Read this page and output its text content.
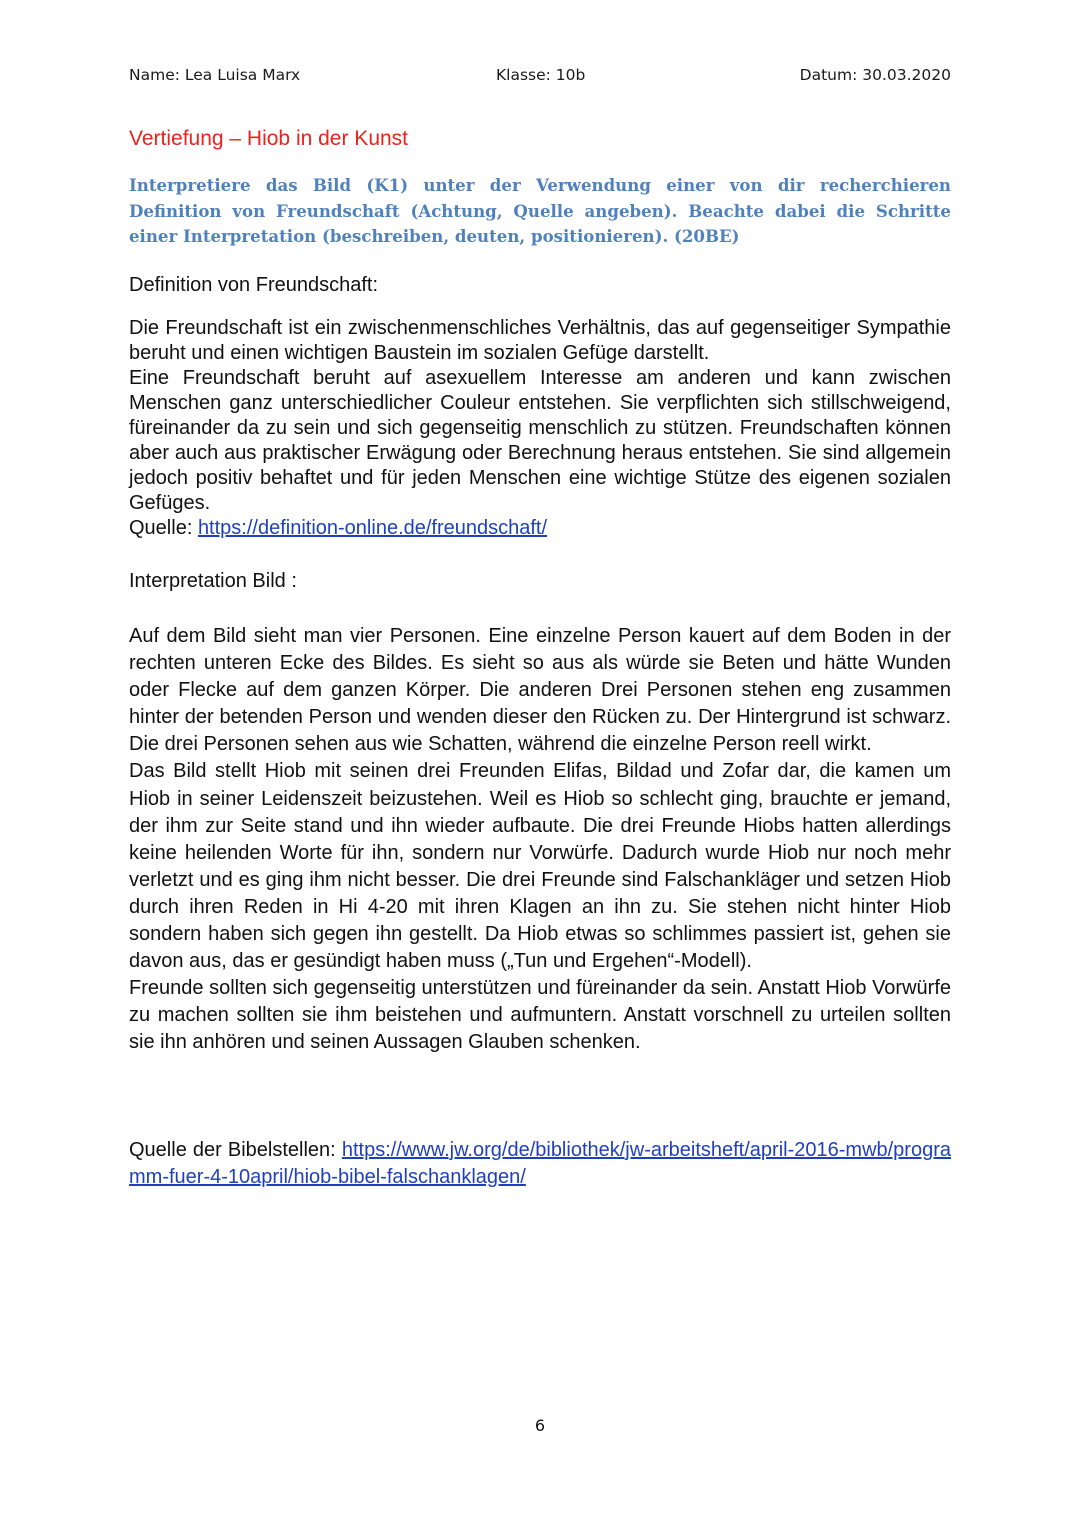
Name: Lea Luisa Marx	Klasse: 10b	Datum: 30.03.2020
Vertiefung – Hiob in der Kunst

Interpretiere das Bild (K1) unter der Verwendung einer von dir recherchieren Definition von Freundschaft (Achtung, Quelle angeben). Beachte dabei die Schritte einer Interpretation (beschreiben, deuten, positionieren). (20BE)

Definition von Freundschaft:

Die Freundschaft ist ein zwischenmenschliches Verhältnis, das auf gegenseitiger Sympathie beruht und einen wichtigen Baustein im sozialen Gefüge darstellt.

Eine Freundschaft beruht auf asexuellem Interesse am anderen und kann zwischen Menschen ganz unterschiedlicher Couleur entstehen. Sie verpflichten sich stillschweigend, füreinander da zu sein und sich gegenseitig menschlich zu stützen. Freundschaften können aber auch aus praktischer Erwägung oder Berechnung heraus entstehen. Sie sind allgemein jedoch positiv behaftet und für jeden Menschen eine wichtige Stütze des eigenen sozialen Gefüges.

Quelle: https://definition-online.de/freundschaft/

Interpretation Bild :

Auf dem Bild sieht man vier Personen. Eine einzelne Person kauert auf dem Boden in der rechten unteren Ecke des Bildes. Es sieht so aus als würde sie Beten und hätte Wunden oder Flecke auf dem ganzen Körper. Die anderen Drei Personen stehen eng zusammen hinter der betenden Person und wenden dieser den Rücken zu. Der Hintergrund ist schwarz. Die drei Personen sehen aus wie Schatten, während die einzelne Person reell wirkt.

Das Bild stellt Hiob mit seinen drei Freunden Elifas, Bildad und Zofar dar, die kamen um Hiob in seiner Leidenszeit beizustehen. Weil es Hiob so schlecht ging, brauchte er jemand, der ihm zur Seite stand und ihn wieder aufbaute. Die drei Freunde Hiobs hatten allerdings keine heilenden Worte für ihn, sondern nur Vorwürfe. Dadurch wurde Hiob nur noch mehr verletzt und es ging ihm nicht besser. Die drei Freunde sind Falschankläger und setzen Hiob durch ihren Reden in Hi 4-20 mit ihren Klagen an ihn zu. Sie stehen nicht hinter Hiob sondern haben sich gegen ihn gestellt. Da Hiob etwas so schlimmes passiert ist, gehen sie davon aus, das er gesündigt haben muss („Tun und Ergehen“-Modell).

Freunde sollten sich gegenseitig unterstützen und füreinander da sein. Anstatt Hiob Vorwürfe zu machen sollten sie ihm beistehen und aufmuntern. Anstatt vorschnell zu urteilen sollten sie ihn anhören und seinen Aussagen Glauben schenken.

Quelle der Bibelstellen: https://www.jw.org/de/bibliothek/jw-arbeitsheft/april-2016-mwb/programm-fuer-4-10april/hiob-bibel-falschanklagen/

6
